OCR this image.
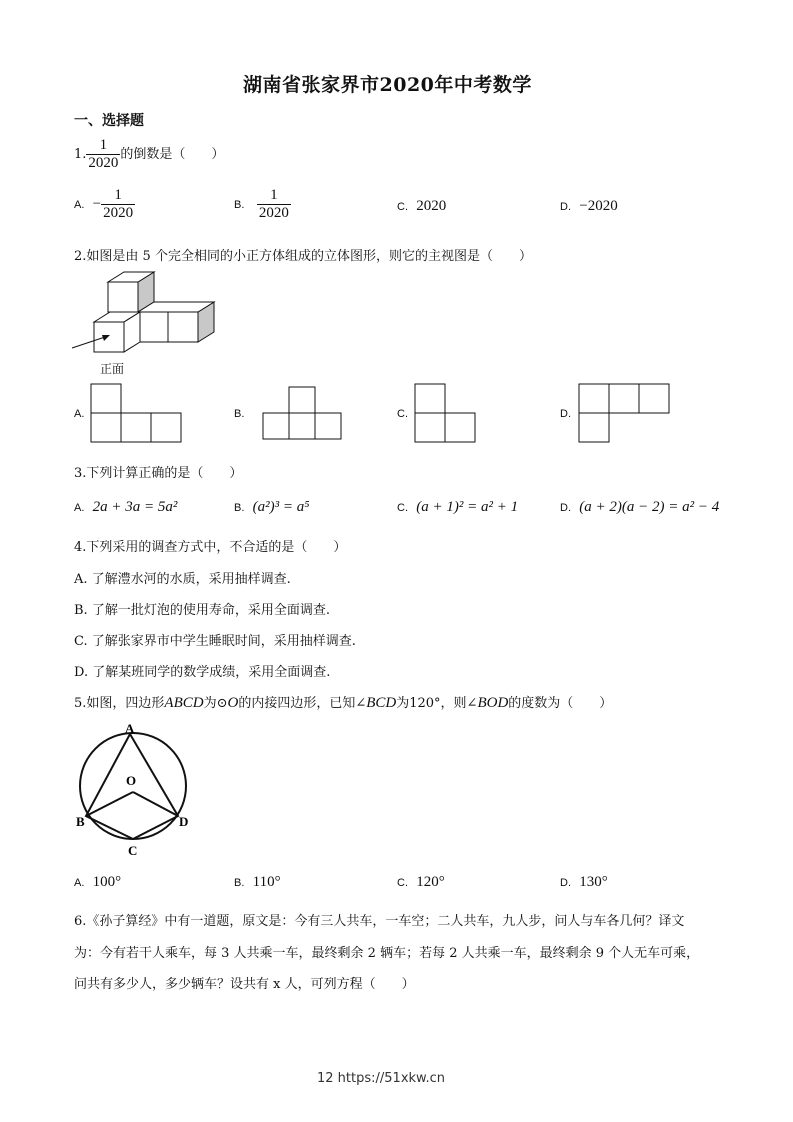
湖南省张家界市2020年中考数学
一、选择题
1. $\frac{1}{2020}$ 的倒数是（　　）
A. − $\frac{1}{2020}$	B. $\frac{1}{2020}$	C. 2020	D. −2020
2.如图是由 5 个完全相同的小正方体组成的立体图形，则它的主视图是（　　）
正面
A.	B.	C.	D.
3.下列计算正确的是（　　）
A. 2a + 3a = 5a²	B. (a²)³ = a⁵	C. (a + 1)² = a² + 1	D. (a + 2)(a − 2) = a² − 4
4.下列采用的调查方式中，不合适的是（　　）
A. 了解澧水河的水质，采用抽样调查.
B. 了解一批灯泡的使用寿命，采用全面调查.
C. 了解张家界市中学生睡眠时间，采用抽样调查.
D. 了解某班同学的数学成绩，采用全面调查.
5.如图，四边形ABCD为⊙O的内接四边形，已知∠BCD为120°，则∠BOD的度数为（　　）
A
O
B	D
C
A. 100°	B. 110°	C. 120°	D. 130°
6.《孙子算经》中有一道题，原文是：今有三人共车，一车空；二人共车，九人步，问人与车各几何？译文
为：今有若干人乘车，每 3 人共乘一车，最终剩余 2 辆车；若每 2 人共乘一车，最终剩余 9 个人无车可乘，
问共有多少人，多少辆车？设共有 x 人，可列方程（　　）
12 https://51xkw.cn
